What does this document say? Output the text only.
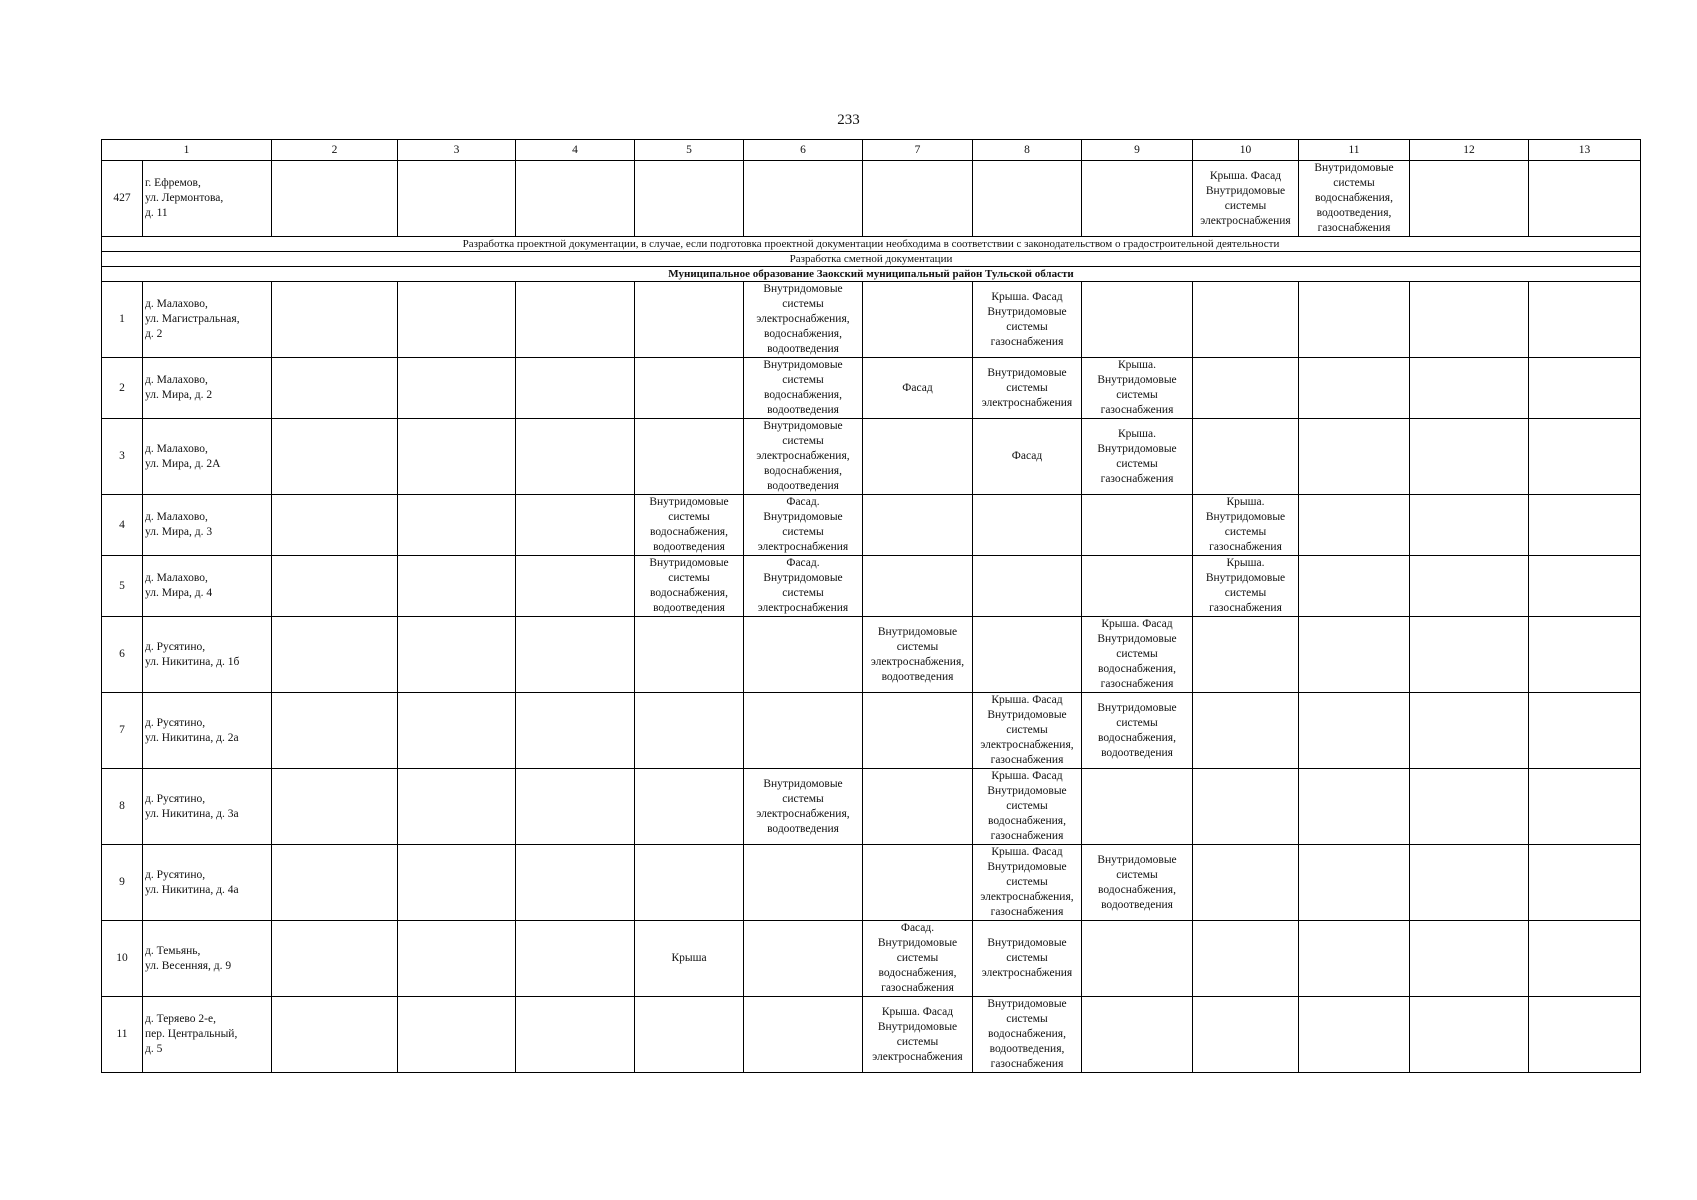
233
1		2	3	4	5	6	7	8	9	10	11	12	13
427	г. Ефремов,
ул. Лермонтова,
д. 11									Крыша. Фасад
Внутридомовые
системы
электроснабжения	Внутридомовые
системы
водоснабжения,
водоотведения,
газоснабжения		
Разработка проектной документации, в случае, если подготовка проектной документации необходима в соответствии с законодательством о градостроительной деятельности													
Разработка сметной документации													
Муниципальное образование Заокский муниципальный район Тульской области													
1	д. Малахово,
ул. Магистральная,
д. 2					Внутридомовые
системы
электроснабжения,
водоснабжения,
водоотведения		Крыша. Фасад
Внутридомовые
системы
газоснабжения					
2	д. Малахово,
ул. Мира, д. 2					Внутридомовые
системы
водоснабжения,
водоотведения	Фасад	Внутридомовые
системы
электроснабжения	Крыша.
Внутридомовые
системы
газоснабжения				
3	д. Малахово,
ул. Мира, д. 2А					Внутридомовые
системы
электроснабжения,
водоснабжения,
водоотведения		Фасад	Крыша.
Внутридомовые
системы
газоснабжения				
4	д. Малахово,
ул. Мира, д. 3				Внутридомовые
системы
водоснабжения,
водоотведения	Фасад.
Внутридомовые
системы
электроснабжения				Крыша.
Внутридомовые
системы
газоснабжения			
5	д. Малахово,
ул. Мира, д. 4				Внутридомовые
системы
водоснабжения,
водоотведения	Фасад.
Внутридомовые
системы
электроснабжения				Крыша.
Внутридомовые
системы
газоснабжения			
6	д. Русятино,
ул. Никитина, д. 1б						Внутридомовые
системы
электроснабжения,
водоотведения		Крыша. Фасад
Внутридомовые
системы
водоснабжения,
газоснабжения				
7	д. Русятино,
ул. Никитина, д. 2а							Крыша. Фасад
Внутридомовые
системы
электроснабжения,
газоснабжения	Внутридомовые
системы
водоснабжения,
водоотведения				
8	д. Русятино,
ул. Никитина, д. 3а					Внутридомовые
системы
электроснабжения,
водоотведения		Крыша. Фасад
Внутридомовые
системы
водоснабжения,
газоснабжения					
9	д. Русятино,
ул. Никитина, д. 4а							Крыша. Фасад
Внутридомовые
системы
электроснабжения,
газоснабжения	Внутридомовые
системы
водоснабжения,
водоотведения				
10	д. Темьянь,
ул. Весенняя, д. 9				Крыша		Фасад.
Внутридомовые
системы
водоснабжения,
газоснабжения	Внутридомовые
системы
электроснабжения					
11	д. Теряево 2-е,
пер. Центральный,
д. 5						Крыша. Фасад
Внутридомовые
системы
электроснабжения	Внутридомовые
системы
водоснабжения,
водоотведения,
газоснабжения					
